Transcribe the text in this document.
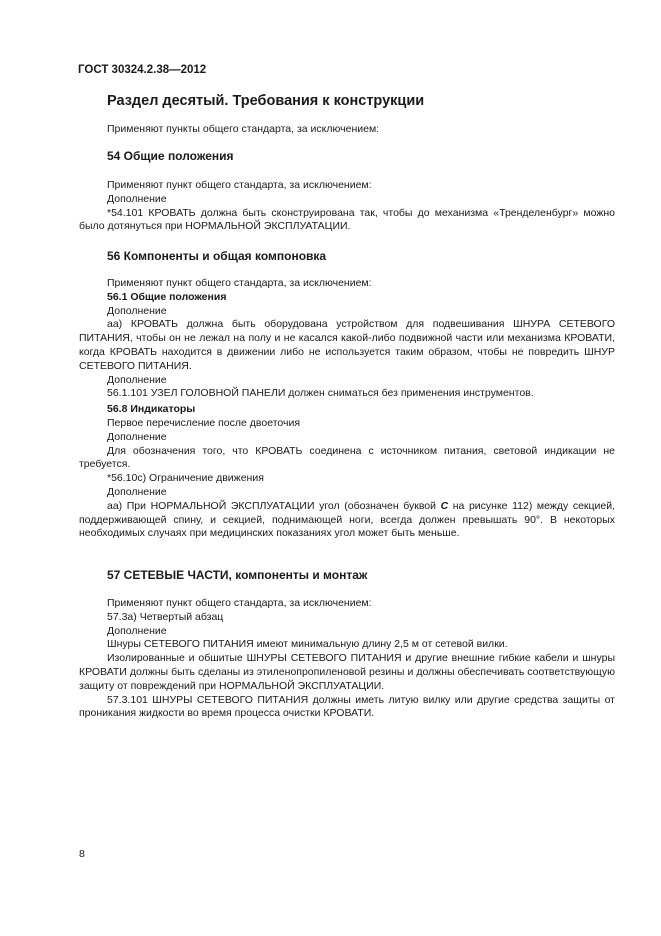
ГОСТ 30324.2.38—2012
Раздел десятый. Требования к конструкции

Применяют пункты общего стандарта, за исключением:

54 Общие положения

Применяют пункт общего стандарта, за исключением:

Дополнение

*54.101 КРОВАТЬ должна быть сконструирована так, чтобы до механизма «Тренделенбург» можно было дотянуться при НОРМАЛЬНОЙ ЭКСПЛУАТАЦИИ.

56 Компоненты и общая компоновка

Применяют пункт общего стандарта, за исключением:

56.1 Общие положения

Дополнение

аа) КРОВАТЬ должна быть оборудована устройством для подвешивания ШНУРА СЕТЕВОГО ПИТАНИЯ, чтобы он не лежал на полу и не касался какой-либо подвижной части или механизма КРОВАТИ, когда КРОВАТЬ находится в движении либо не используется таким образом, чтобы не повредить ШНУР СЕТЕВОГО ПИТАНИЯ.

Дополнение

56.1.101 УЗЕЛ ГОЛОВНОЙ ПАНЕЛИ должен сниматься без применения инструментов.

56.8 Индикаторы

Первое перечисление после двоеточия

Дополнение

Для обозначения того, что КРОВАТЬ соединена с источником питания, световой индикации не требуется.

*56.10с) Ограничение движения

Дополнение

аа) При НОРМАЛЬНОЙ ЭКСПЛУАТАЦИИ угол (обозначен буквой C на рисунке 112) между секцией, поддерживающей спину, и секцией, поднимающей ноги, всегда должен превышать 90°. В некоторых необходимых случаях при медицинских показаниях угол может быть меньше.

57 СЕТЕВЫЕ ЧАСТИ, компоненты и монтаж

Применяют пункт общего стандарта, за исключением:

57.3а) Четвертый абзац

Дополнение

Шнуры СЕТЕВОГО ПИТАНИЯ имеют минимальную длину 2,5 м от сетевой вилки.

Изолированные и обшитые ШНУРЫ СЕТЕВОГО ПИТАНИЯ и другие внешние гибкие кабели и шнуры КРОВАТИ должны быть сделаны из этиленопропиленовой резины и должны обеспечивать соответствующую защиту от повреждений при НОРМАЛЬНОЙ ЭКСПЛУАТАЦИИ.

57.3.101 ШНУРЫ СЕТЕВОГО ПИТАНИЯ должны иметь литую вилку или другие средства защиты от проникания жидкости во время процесса очистки КРОВАТИ.

8
